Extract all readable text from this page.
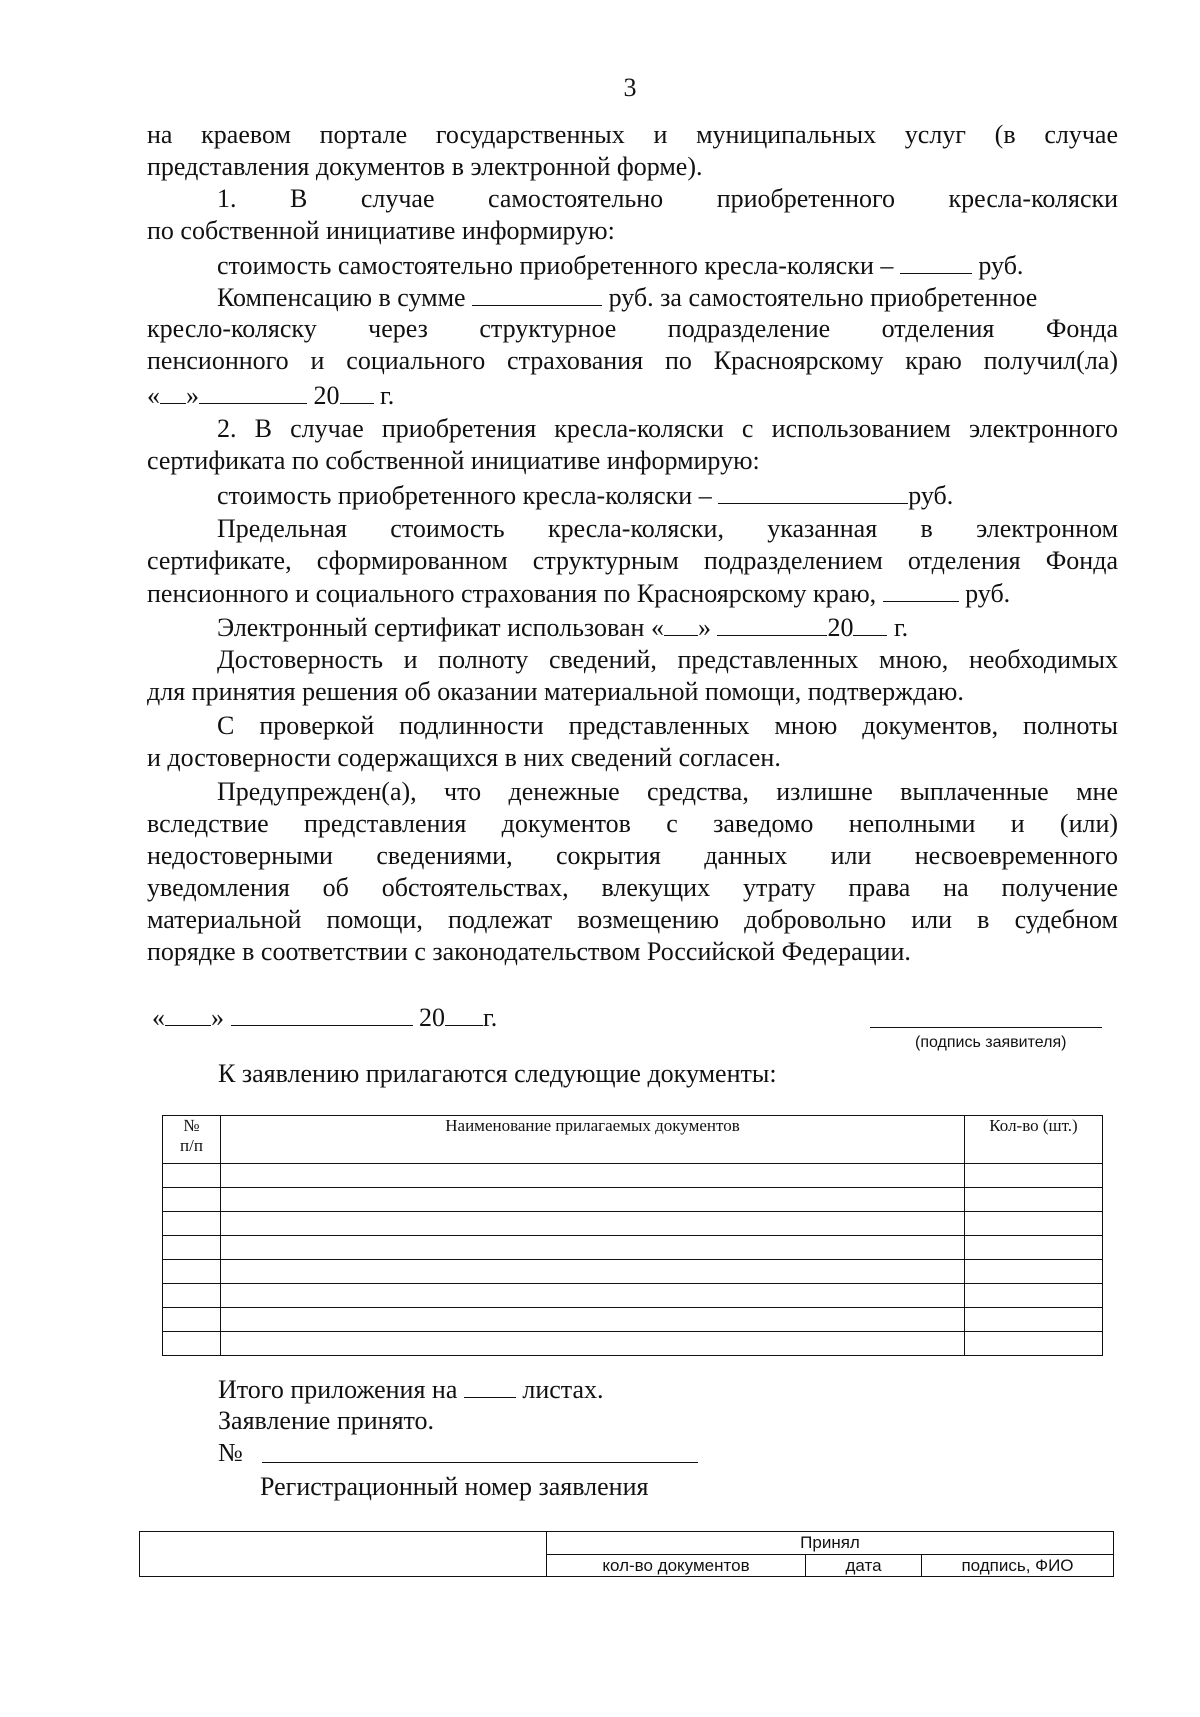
3
на краевом портале государственных и муниципальных услуг (в случае
представления документов в электронной форме).
1. В случае самостоятельно приобретенного кресла-коляски
по собственной инициативе информирую:
стоимость самостоятельно приобретенного кресла-коляски –	руб.
Компенсацию в сумме	руб. за самостоятельно приобретенное
кресло-коляску через структурное подразделение отделения Фонда
пенсионного и социального страхования по Красноярскому краю получил(ла)
« »	20 г.
2. В случае приобретения кресла-коляски с использованием электронного
сертификата по собственной инициативе информирую:
стоимость приобретенного кресла-коляски –	руб.
Предельная стоимость кресла-коляски, указанная в электронном
сертификате, сформированном структурным подразделением отделения Фонда
пенсионного и социального страхования по Красноярскому краю,	руб.
Электронный сертификат использован « »	20 г.
Достоверность и полноту сведений, представленных мною, необходимых
для принятия решения об оказании материальной помощи, подтверждаю.
С проверкой подлинности представленных мною документов, полноты
и достоверности содержащихся в них сведений согласен.
Предупрежден(а), что денежные средства, излишне выплаченные мне
вследствие представления документов с заведомо неполными и (или)
недостоверными сведениями, сокрытия данных или несвоевременного
уведомления об обстоятельствах, влекущих утрату права на получение
материальной помощи, подлежат возмещению добровольно или в судебном
порядке в соответствии с законодательством Российской Федерации.
« »	20 г.
(подпись заявителя)
К заявлению прилагаются следующие документы:
№
п/п	Наименование прилагаемых документов	Кол-во (шт.)

Итого приложения на	листах.
Заявление принято.
№
Регистрационный номер заявления
	Принял		
	кол-во документов	дата	подпись, ФИО
